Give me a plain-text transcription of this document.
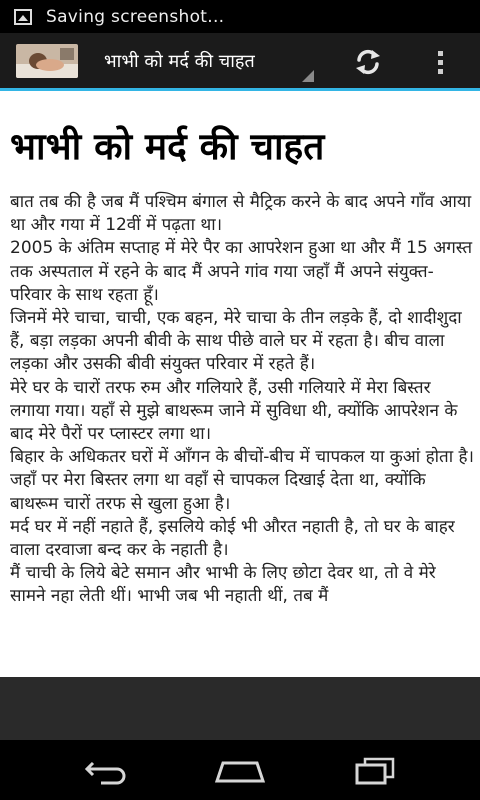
Saving screenshot...
भाभी को मर्द की चाहत
भाभी को मर्द की चाहत

बात तब की है जब मैं पश्चिम बंगाल से मैट्रिक करने के बाद अपने गाँव आया था और गया में 12वीं में पढ़ता था।

2005 के अंतिम सप्ताह में मेरे पैर का आपरेशन हुआ था और मैं 15 अगस्त तक अस्पताल में रहने के बाद मैं अपने गांव गया जहाँ मैं अपने संयुक्त-परिवार के साथ रहता हूँ।

जिनमें मेरे चाचा, चाची, एक बहन, मेरे चाचा के तीन लड़के हैं, दो शादीशुदा हैं, बड़ा लड़का अपनी बीवी के साथ पीछे वाले घर में रहता है। बीच वाला लड़का और उसकी बीवी संयुक्त परिवार में रहते हैं।

मेरे घर के चारों तरफ रुम और गलियारे हैं, उसी गलियारे में मेरा बिस्तर लगाया गया। यहाँ से मुझे बाथरूम जाने में सुविधा थी, क्योंकि आपरेशन के बाद मेरे पैरों पर प्लास्टर लगा था।

बिहार के अधिकतर घरों में आँगन के बीचों-बीच में चापकल या कुआं होता है। जहाँ पर मेरा बिस्तर लगा था वहाँ से चापकल दिखाई देता था, क्योंकि बाथरूम चारों तरफ से खुला हुआ है।

मर्द घर में नहीं नहाते हैं, इसलिये कोई भी औरत नहाती है, तो घर के बाहर वाला दरवाजा बन्द कर के नहाती है।

मैं चाची के लिये बेटे समान और भाभी के लिए छोटा देवर था, तो वे मेरे सामने नहा लेती थीं। भाभी जब भी नहाती थीं, तब मैं
